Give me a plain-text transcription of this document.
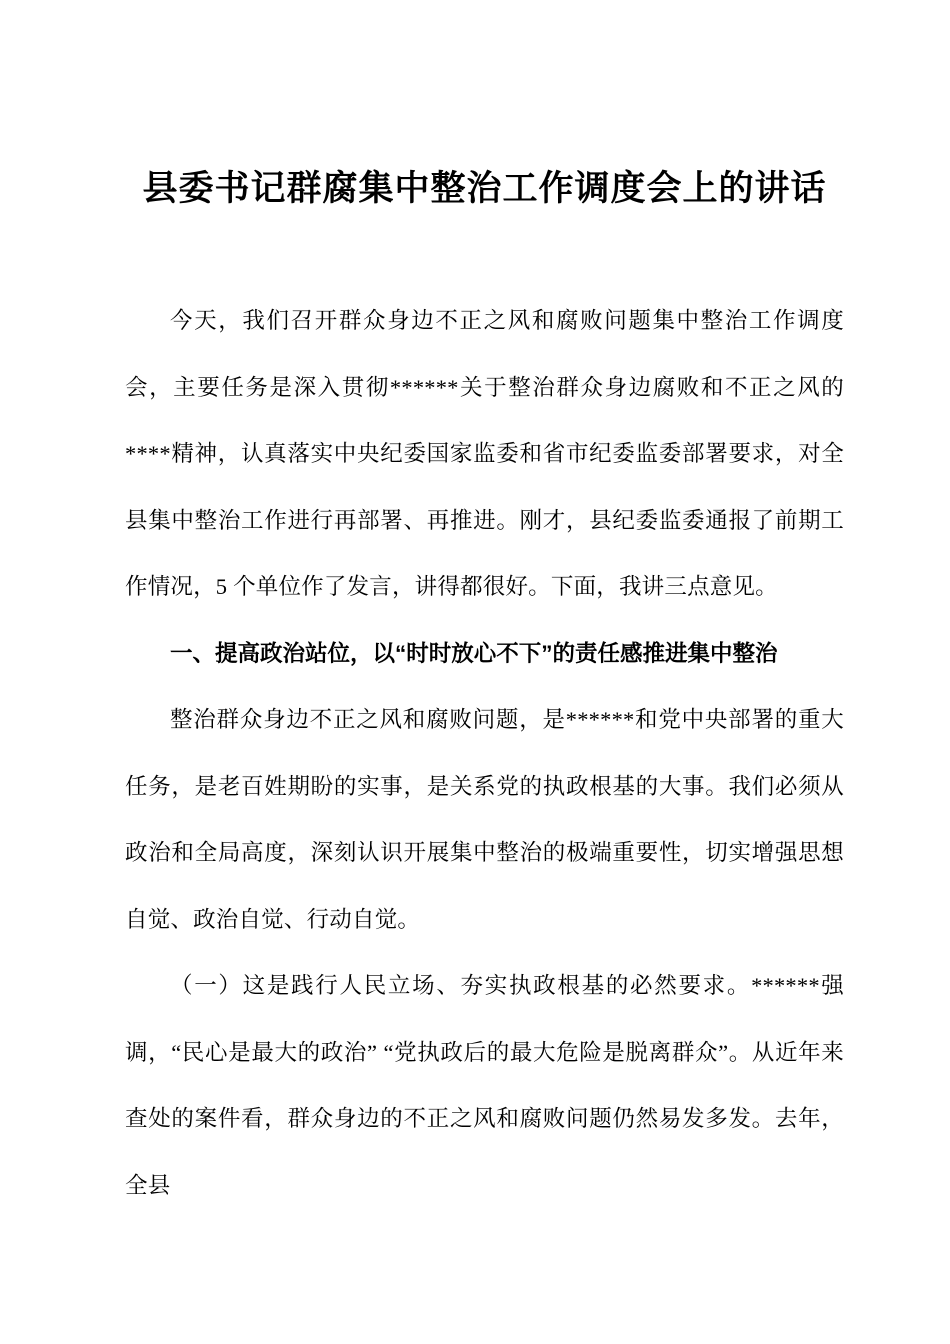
县委书记群腐集中整治工作调度会上的讲话

今天，我们召开群众身边不正之风和腐败问题集中整治工作调度会，主要任务是深入贯彻******关于整治群众身边腐败和不正之风的****精神，认真落实中央纪委国家监委和省市纪委监委部署要求，对全县集中整治工作进行再部署、再推进。刚才，县纪委监委通报了前期工作情况，5 个单位作了发言，讲得都很好。下面，我讲三点意见。

一、提高政治站位，以“时时放心不下”的责任感推进集中整治

整治群众身边不正之风和腐败问题，是******和党中央部署的重大任务，是老百姓期盼的实事，是关系党的执政根基的大事。我们必须从政治和全局高度，深刻认识开展集中整治的极端重要性，切实增强思想自觉、政治自觉、行动自觉。

（一）这是践行人民立场、夯实执政根基的必然要求。******强调，“民心是最大的政治” “党执政后的最大危险是脱离群众”。从近年来查处的案件看，群众身边的不正之风和腐败问题仍然易发多发。去年，全县
